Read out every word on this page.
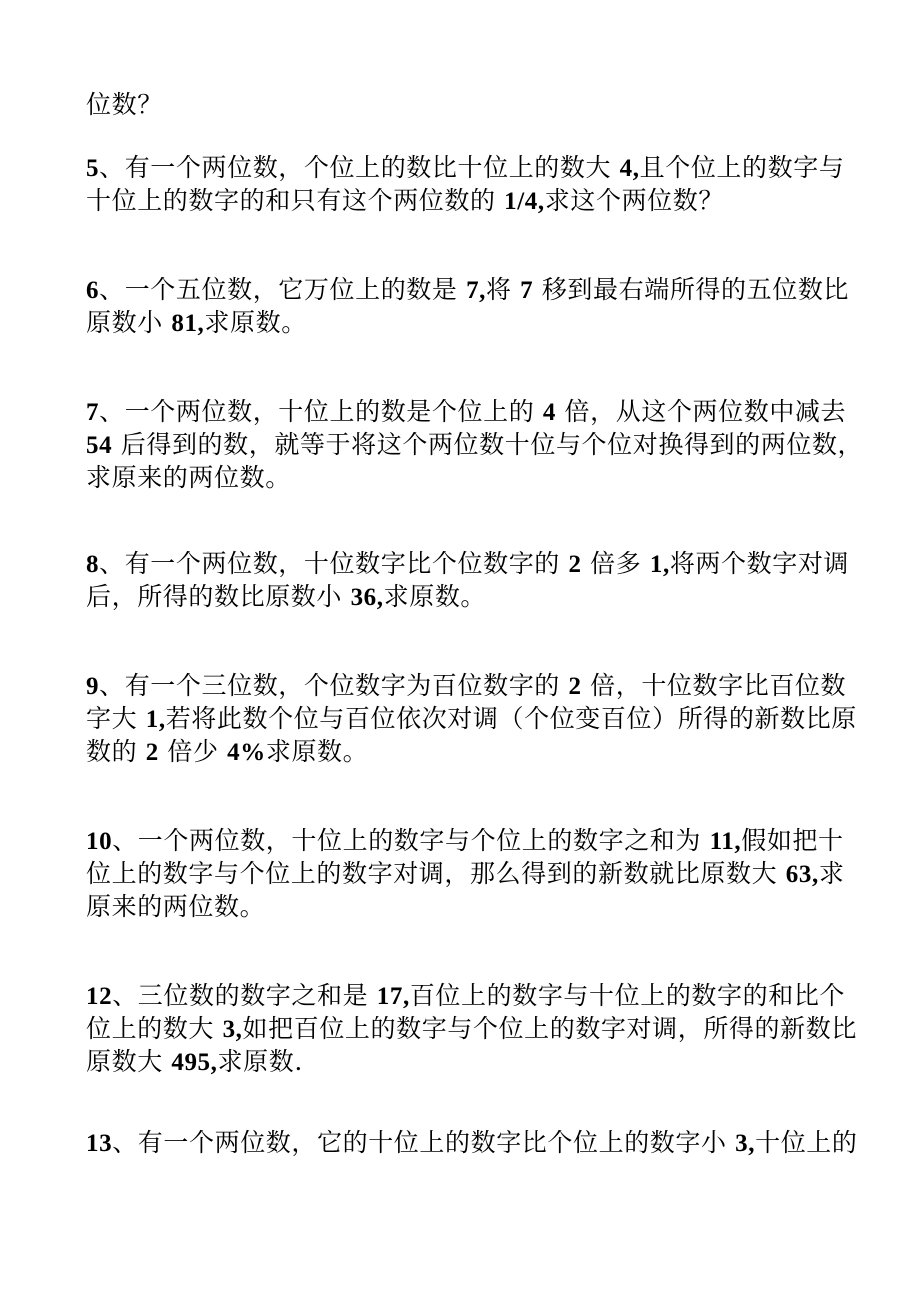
位数？
5、有一个两位数，个位上的数比十位上的数大 4,且个位上的数字与
十位上的数字的和只有这个两位数的 1/4,求这个两位数？
6、一个五位数，它万位上的数是 7,将 7 移到最右端所得的五位数比
原数小 81,求原数。
7、一个两位数，十位上的数是个位上的 4 倍，从这个两位数中减去
54 后得到的数，就等于将这个两位数十位与个位对换得到的两位数，
求原来的两位数。
8、有一个两位数，十位数字比个位数字的 2 倍多 1,将两个数字对调
后，所得的数比原数小 36,求原数。
9、有一个三位数，个位数字为百位数字的 2 倍，十位数字比百位数
字大 1,若将此数个位与百位依次对调（个位变百位）所得的新数比原
数的 2 倍少 4%求原数。
10、一个两位数，十位上的数字与个位上的数字之和为 11,假如把十
位上的数字与个位上的数字对调，那么得到的新数就比原数大 63,求
原来的两位数。
12、三位数的数字之和是 17,百位上的数字与十位上的数字的和比个
位上的数大 3,如把百位上的数字与个位上的数字对调，所得的新数比
原数大 495,求原数.
13、有一个两位数，它的十位上的数字比个位上的数字小 3,十位上的
